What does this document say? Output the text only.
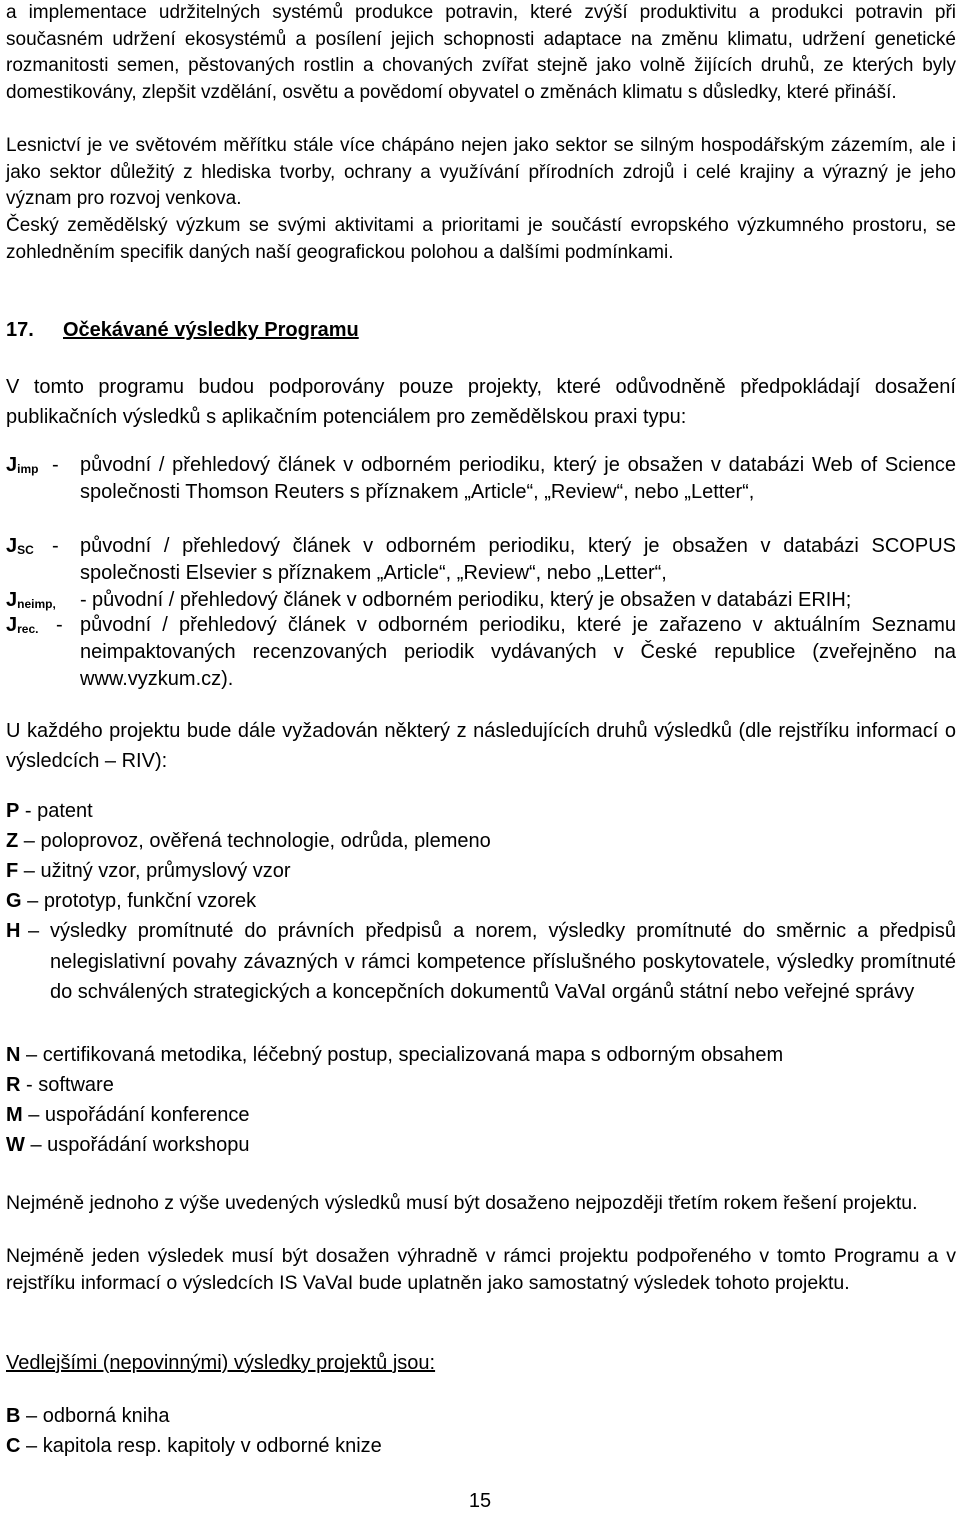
a implementace udržitelných systémů produkce potravin, které zvýší produktivitu a produkci potravin při současném udržení ekosystémů a posílení jejich schopnosti adaptace na změnu klimatu, udržení genetické rozmanitosti semen, pěstovaných rostlin a chovaných zvířat stejně jako volně žijících druhů, ze kterých byly domestikovány, zlepšit vzdělání, osvětu a povědomí obyvatel o změnách klimatu s důsledky, které přináší.
Lesnictví je ve světovém měřítku stále více chápáno nejen jako sektor se silným hospodářským zázemím, ale i jako sektor důležitý z hlediska tvorby, ochrany a využívání přírodních zdrojů i celé krajiny a výrazný je jeho význam pro rozvoj venkova.
Český zemědělský výzkum se svými aktivitami a prioritami je součástí evropského výzkumného prostoru, se zohledněním specifik daných naší geografickou polohou a dalšími podmínkami.
17. Očekávané výsledky Programu
V tomto programu budou podporovány pouze projekty, které odůvodněně předpokládají dosažení publikačních výsledků s aplikačním potenciálem pro zemědělskou praxi typu:
$J_{imp}$ - původní / přehledový článek v odborném periodiku, který je obsažen v databázi Web of Science společnosti Thomson Reuters s příznakem „Article“, „Review“, nebo „Letter“,
$J_{SC}$ - původní / přehledový článek v odborném periodiku, který je obsažen v databázi SCOPUS společnosti Elsevier s příznakem „Article“, „Review“, nebo „Letter“,
$J_{neimp,}$ - původní / přehledový článek v odborném periodiku, který je obsažen v databázi ERIH;
$J_{rec.}$ - původní / přehledový článek v odborném periodiku, které je zařazeno v aktuálním Seznamu neimpaktovaných recenzovaných periodik vydávaných v České republice (zveřejněno na www.vyzkum.cz).
U každého projektu bude dále vyžadován některý z následujících druhů výsledků (dle rejstříku informací o výsledcích – RIV):
P - patent
Z – poloprovoz, ověřená technologie, odrůda, plemeno
F – užitný vzor, průmyslový vzor
G – prototyp, funkční vzorek
H – výsledky promítnuté do právních předpisů a norem, výsledky promítnuté do směrnic a předpisů nelegislativní povahy závazných v rámci kompetence příslušného poskytovatele, výsledky promítnuté do schválených strategických a koncepčních dokumentů VaVaI orgánů státní nebo veřejné správy
N – certifikovaná metodika, léčebný postup, specializovaná mapa s odborným obsahem
R - software
M – uspořádání konference
W – uspořádání workshopu
Nejméně jednoho z výše uvedených výsledků musí být dosaženo nejpozději třetím rokem řešení projektu.
Nejméně jeden výsledek musí být dosažen výhradně v rámci projektu podpořeného v tomto Programu a v rejstříku informací o výsledcích IS VaVaI bude uplatněn jako samostatný výsledek tohoto projektu.
Vedlejšími (nepovinnými) výsledky projektů jsou:
B – odborná kniha
C – kapitola resp. kapitoly v odborné knize
15
